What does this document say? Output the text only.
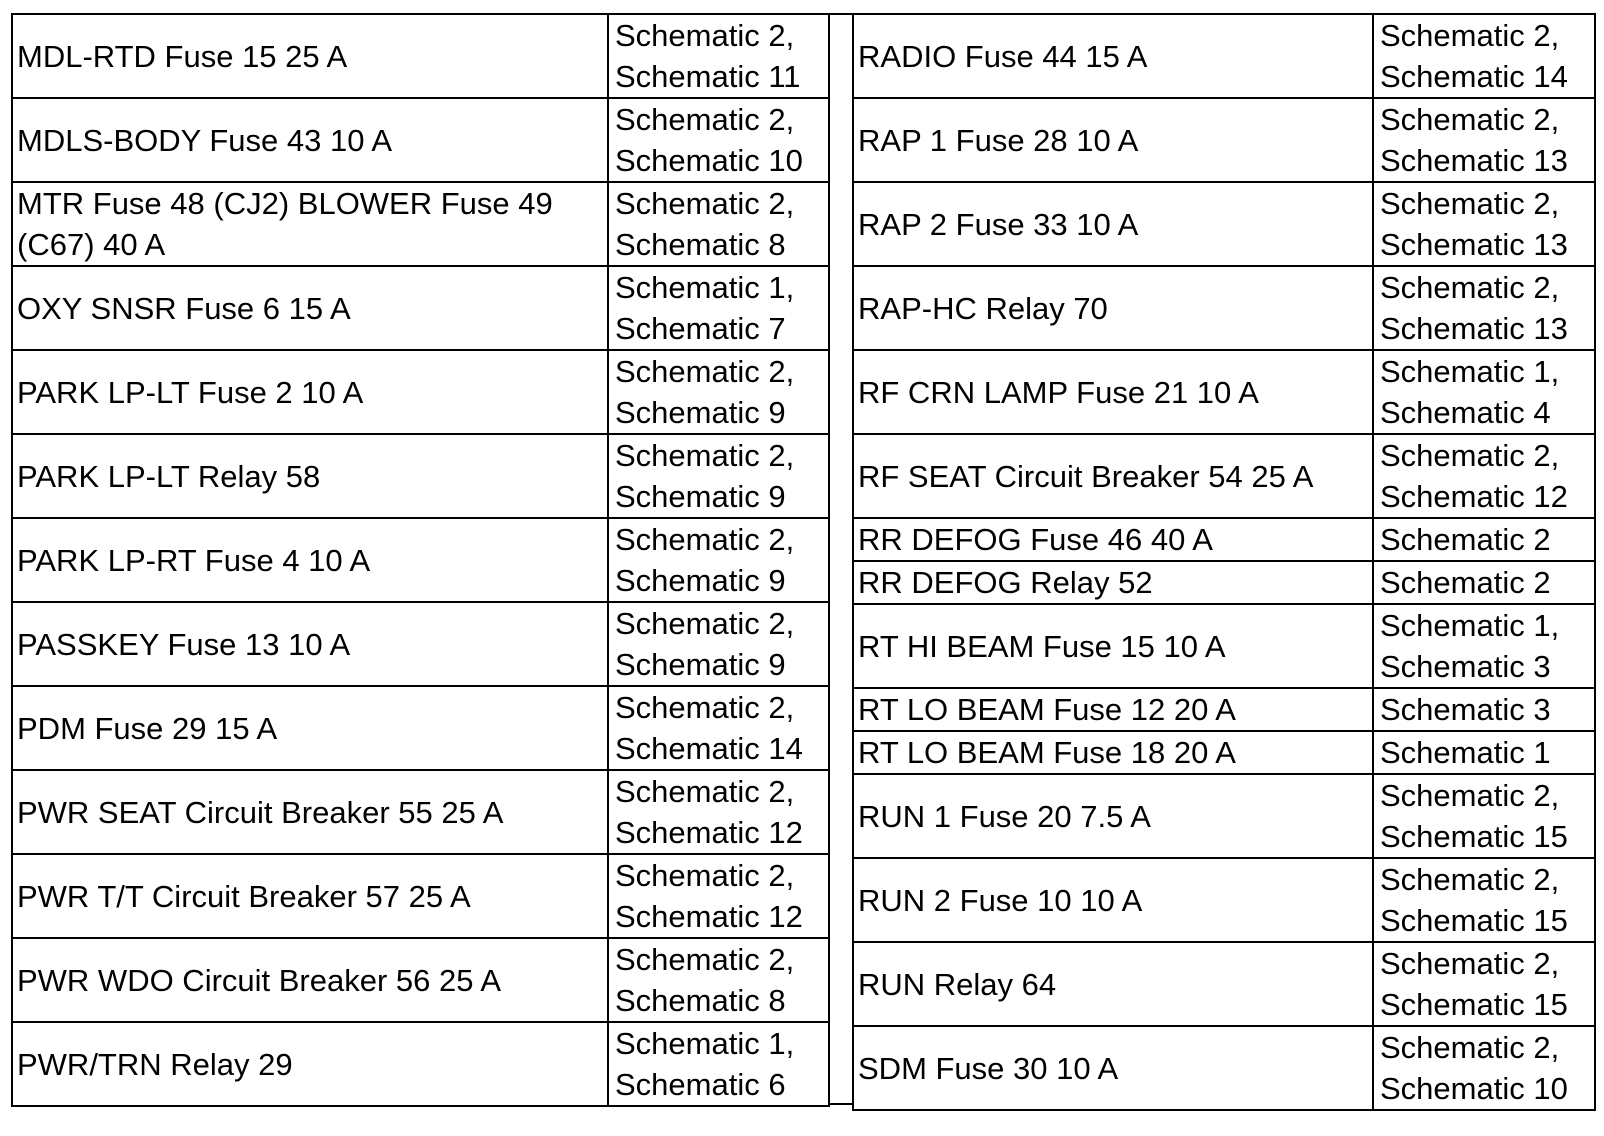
MDL-RTD Fuse 15 25 A	Schematic 2,
Schematic 11
MDLS-BODY Fuse 43 10 A	Schematic 2,
Schematic 10
MTR Fuse 48 (CJ2) BLOWER Fuse 49 (C67) 40 A	Schematic 2,
Schematic 8
OXY SNSR Fuse 6 15 A	Schematic 1,
Schematic 7
PARK LP-LT Fuse 2 10 A	Schematic 2,
Schematic 9
PARK LP-LT Relay 58	Schematic 2,
Schematic 9
PARK LP-RT Fuse 4 10 A	Schematic 2,
Schematic 9
PASSKEY Fuse 13 10 A	Schematic 2,
Schematic 9
PDM Fuse 29 15 A	Schematic 2,
Schematic 14
PWR SEAT Circuit Breaker 55 25 A	Schematic 2,
Schematic 12
PWR T/T Circuit Breaker 57 25 A	Schematic 2,
Schematic 12
PWR WDO Circuit Breaker 56 25 A	Schematic 2,
Schematic 8
PWR/TRN Relay 29	Schematic 1,
Schematic 6
RADIO Fuse 44 15 A	Schematic 2,
Schematic 14
RAP 1 Fuse 28 10 A	Schematic 2,
Schematic 13
RAP 2 Fuse 33 10 A	Schematic 2,
Schematic 13
RAP-HC Relay 70	Schematic 2,
Schematic 13
RF CRN LAMP Fuse 21 10 A	Schematic 1,
Schematic 4
RF SEAT Circuit Breaker 54 25 A	Schematic 2,
Schematic 12
RR DEFOG Fuse 46 40 A	Schematic 2
RR DEFOG Relay 52	Schematic 2
RT HI BEAM Fuse 15 10 A	Schematic 1,
Schematic 3
RT LO BEAM Fuse 12 20 A	Schematic 3
RT LO BEAM Fuse 18 20 A	Schematic 1
RUN 1 Fuse 20 7.5 A	Schematic 2,
Schematic 15
RUN 2 Fuse 10 10 A	Schematic 2,
Schematic 15
RUN Relay 64	Schematic 2,
Schematic 15
SDM Fuse 30 10 A	Schematic 2,
Schematic 10
